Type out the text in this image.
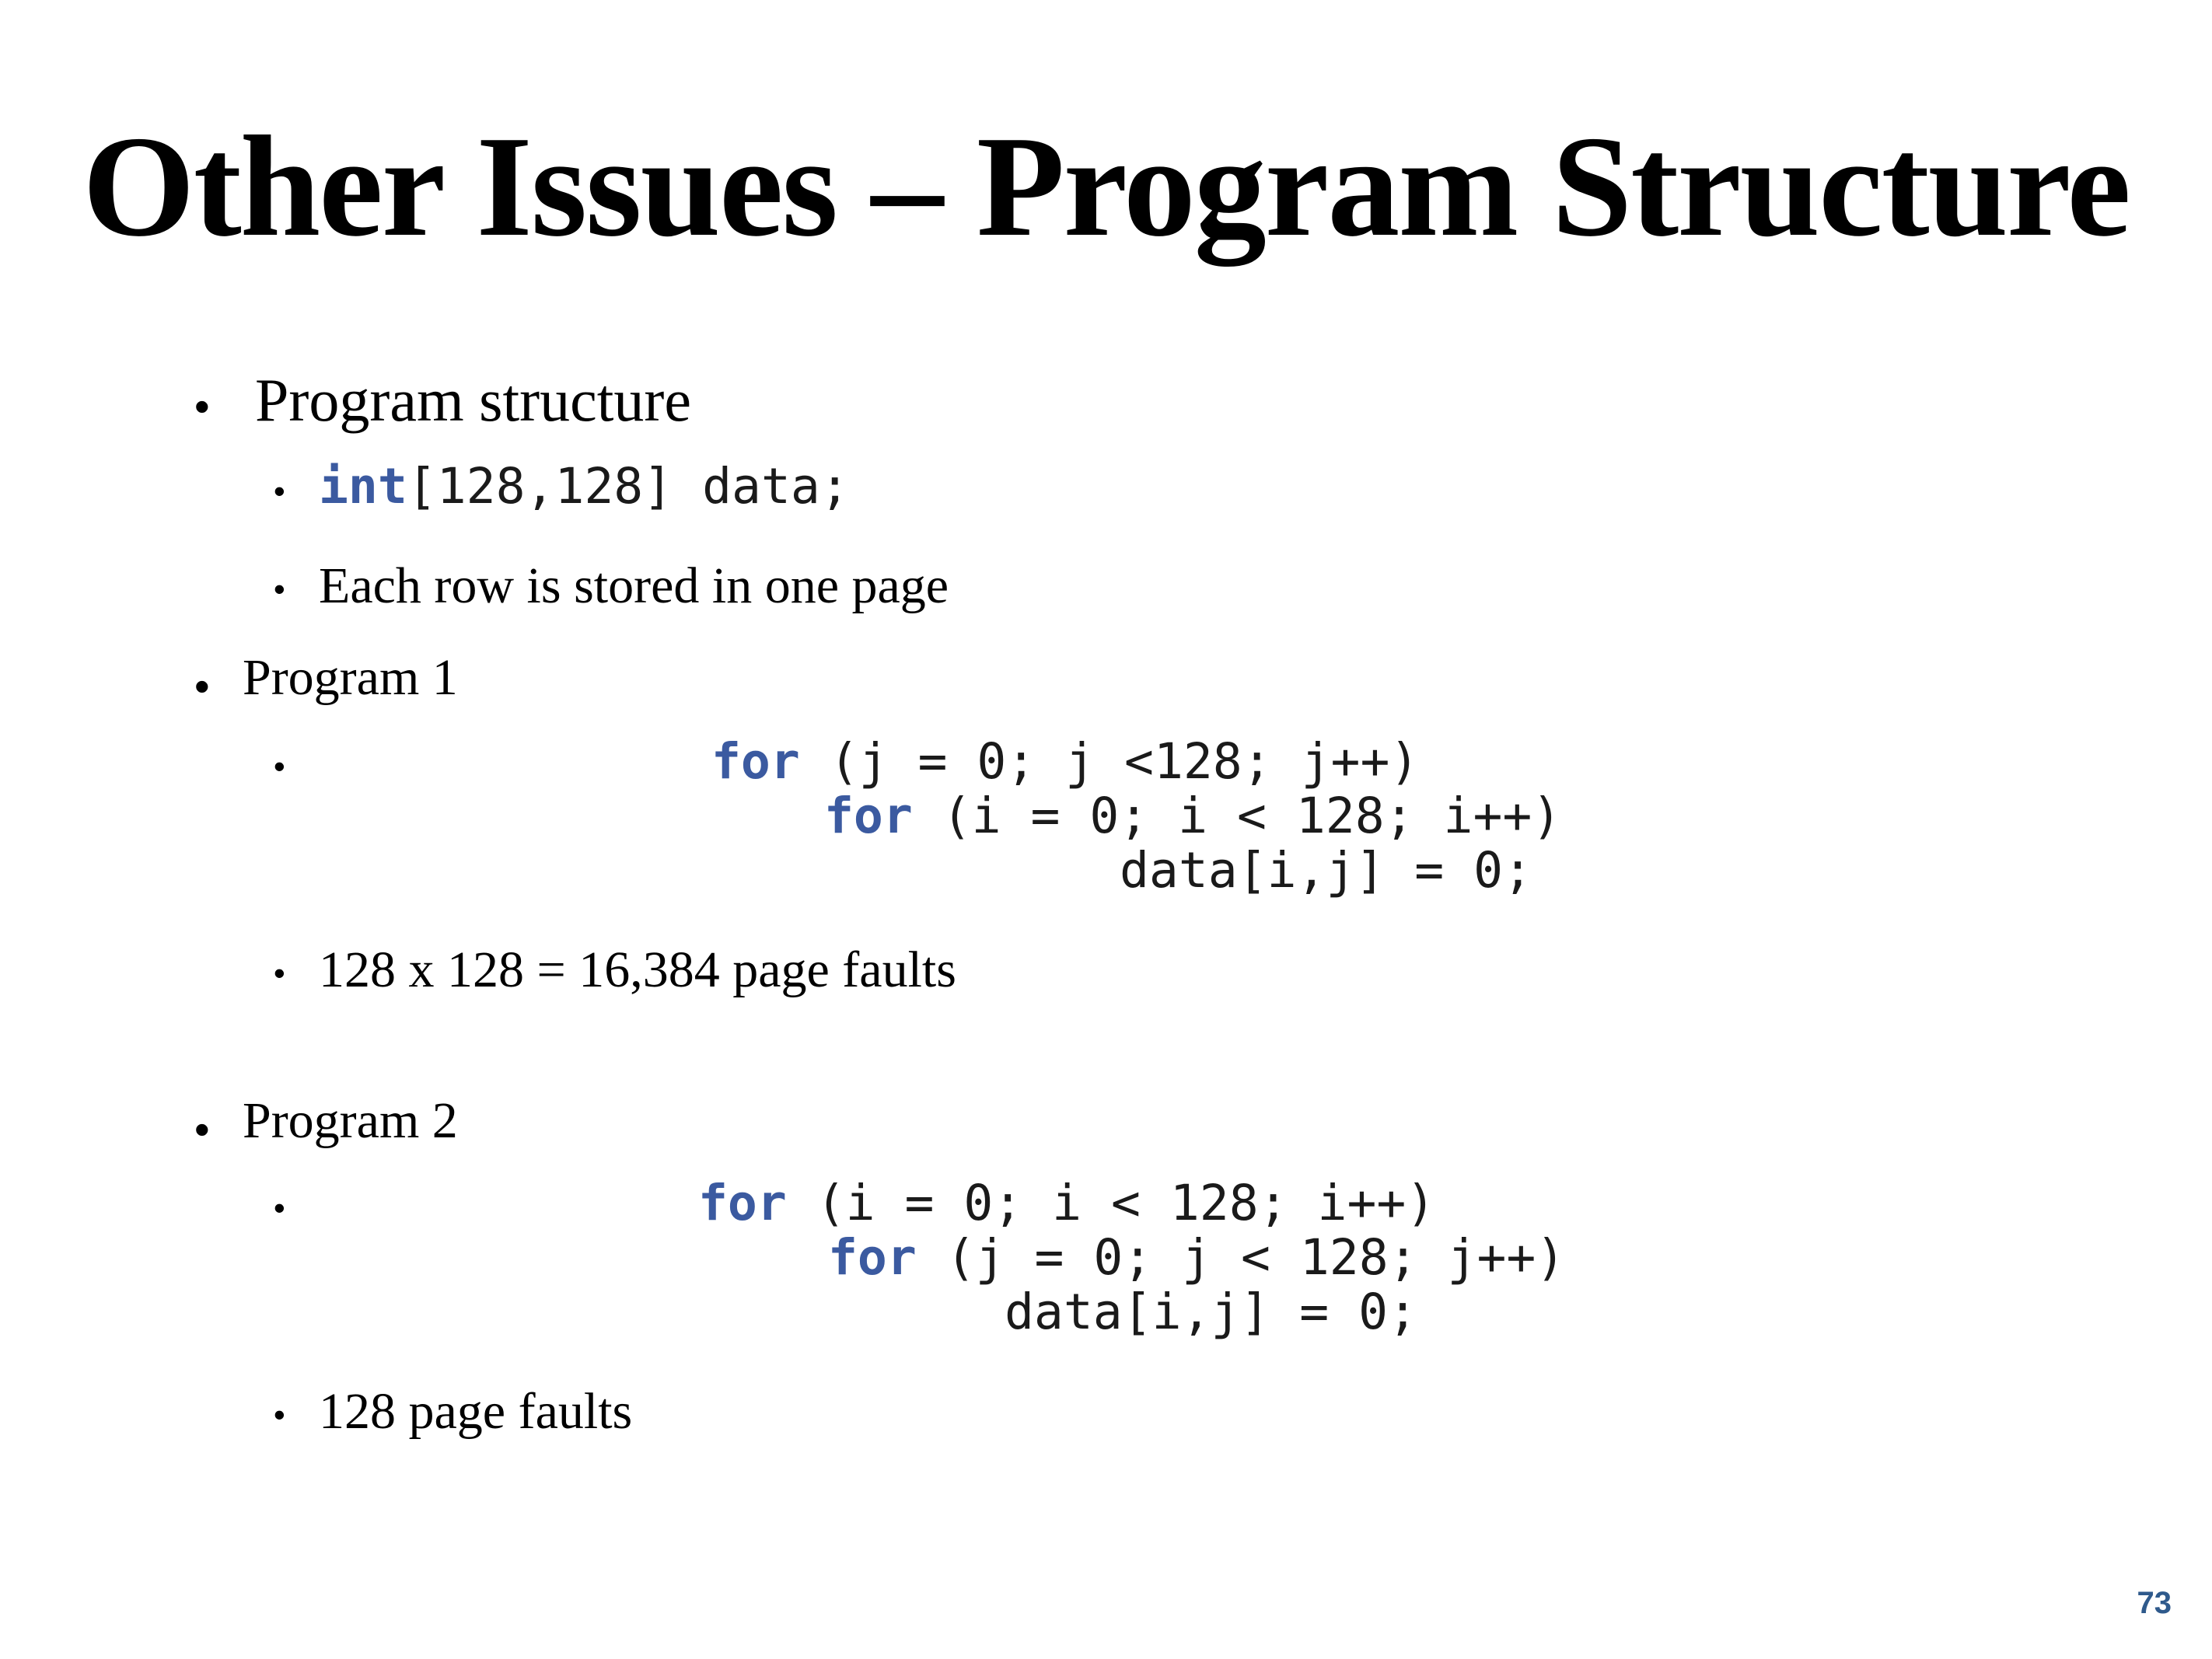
Other Issues – Program Structure
• Program structure
• int[128,128] data;
• Each row is stored in one page
• Program 1
•	for (j = 0; j <128; j++)
for (i = 0; i < 128; i++)
data[i,j] = 0;
• 128 x 128 = 16,384 page faults
• Program 2
•	for (i = 0; i < 128; i++)
for (j = 0; j < 128; j++)
data[i,j] = 0;
• 128 page faults
73
